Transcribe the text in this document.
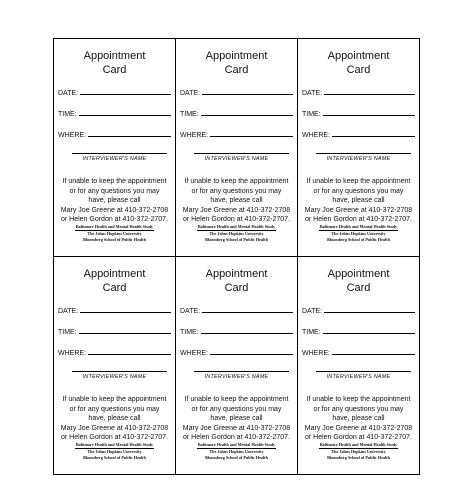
Appointment
Card
DATE:
TIME:
WHERE:
INTERVIEWER'S NAME
If unable to keep the appointment
or for any questions you may
have, please call
Mary Joe Greene at 410-372-2708
or Helen Gordon at 410-372-2707.
Baltimore Health and Mental Health Study
The Johns Hopkins University
Bloomberg School of Public Health
Appointment
Card
DATE:
TIME:
WHERE:
INTERVIEWER'S NAME
If unable to keep the appointment
or for any questions you may
have, please call
Mary Joe Greene at 410-372-2708
or Helen Gordon at 410-372-2707.
Baltimore Health and Mental Health Study
The Johns Hopkins University
Bloomberg School of Public Health
Appointment
Card
DATE:
TIME:
WHERE:
INTERVIEWER'S NAME
If unable to keep the appointment
or for any questions you may
have, please call
Mary Joe Greene at 410-372-2708
or Helen Gordon at 410-372-2707.
Baltimore Health and Mental Health Study
The Johns Hopkins University
Bloomberg School of Public Health
Appointment
Card
DATE:
TIME:
WHERE:
INTERVIEWER'S NAME
If unable to keep the appointment
or for any questions you may
have, please call
Mary Joe Greene at 410-372-2708
or Helen Gordon at 410-372-2707.
Baltimore Health and Mental Health Study
The Johns Hopkins University
Bloomberg School of Public Health
Appointment
Card
DATE:
TIME:
WHERE:
INTERVIEWER'S NAME
If unable to keep the appointment
or for any questions you may
have, please call
Mary Joe Greene at 410-372-2708
or Helen Gordon at 410-372-2707.
Baltimore Health and Mental Health Study
The Johns Hopkins University
Bloomberg School of Public Health
Appointment
Card
DATE:
TIME:
WHERE:
INTERVIEWER'S NAME
If unable to keep the appointment
or for any questions you may
have, please call
Mary Joe Greene at 410-372-2708
or Helen Gordon at 410-372-2707.
Baltimore Health and Mental Health Study
The Johns Hopkins University
Bloomberg School of Public Health
